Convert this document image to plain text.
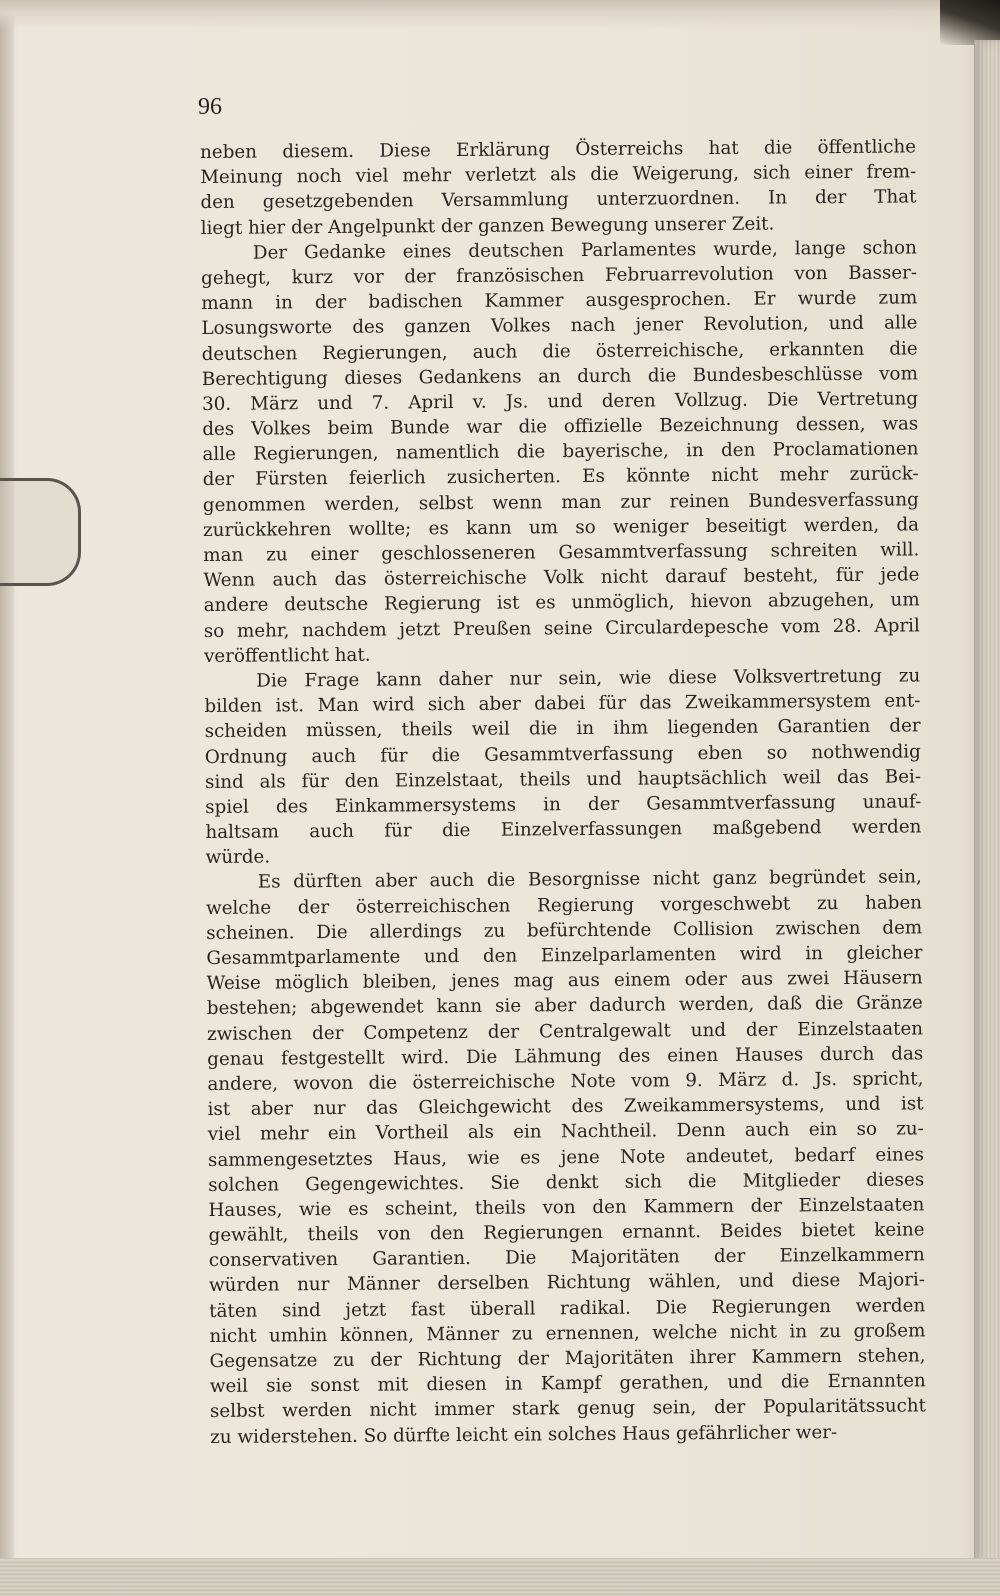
96
neben diesem. Diese Erklärung Österreichs hat die öffentliche
Meinung noch viel mehr verletzt als die Weigerung, sich einer frem-
den gesetzgebenden Versammlung unterzuordnen. In der That
liegt hier der Angelpunkt der ganzen Bewegung unserer Zeit.
Der Gedanke eines deutschen Parlamentes wurde, lange schon
gehegt, kurz vor der französischen Februarrevolution von Basser-
mann in der badischen Kammer ausgesprochen. Er wurde zum
Losungsworte des ganzen Volkes nach jener Revolution, und alle
deutschen Regierungen, auch die österreichische, erkannten die
Berechtigung dieses Gedankens an durch die Bundesbeschlüsse vom
30. März und 7. April v. Js. und deren Vollzug. Die Vertretung
des Volkes beim Bunde war die offizielle Bezeichnung dessen, was
alle Regierungen, namentlich die bayerische, in den Proclamationen
der Fürsten feierlich zusicherten. Es könnte nicht mehr zurück-
genommen werden, selbst wenn man zur reinen Bundesverfassung
zurückkehren wollte; es kann um so weniger beseitigt werden, da
man zu einer geschlosseneren Gesammtverfassung schreiten will.
Wenn auch das österreichische Volk nicht darauf besteht, für jede
andere deutsche Regierung ist es unmöglich, hievon abzugehen, um
so mehr, nachdem jetzt Preußen seine Circulardepesche vom 28. April
veröffentlicht hat.
Die Frage kann daher nur sein, wie diese Volksvertretung zu
bilden ist. Man wird sich aber dabei für das Zweikammersystem ent-
scheiden müssen, theils weil die in ihm liegenden Garantien der
Ordnung auch für die Gesammtverfassung eben so nothwendig
sind als für den Einzelstaat, theils und hauptsächlich weil das Bei-
spiel des Einkammersystems in der Gesammtverfassung unauf-
haltsam auch für die Einzelverfassungen maßgebend werden
würde.
Es dürften aber auch die Besorgnisse nicht ganz begründet sein,
welche der österreichischen Regierung vorgeschwebt zu haben
scheinen. Die allerdings zu befürchtende Collision zwischen dem
Gesammtparlamente und den Einzelparlamenten wird in gleicher
Weise möglich bleiben, jenes mag aus einem oder aus zwei Häusern
bestehen; abgewendet kann sie aber dadurch werden, daß die Gränze
zwischen der Competenz der Centralgewalt und der Einzelstaaten
genau festgestellt wird. Die Lähmung des einen Hauses durch das
andere, wovon die österreichische Note vom 9. März d. Js. spricht,
ist aber nur das Gleichgewicht des Zweikammersystems, und ist
viel mehr ein Vortheil als ein Nachtheil. Denn auch ein so zu-
sammengesetztes Haus, wie es jene Note andeutet, bedarf eines
solchen Gegengewichtes. Sie denkt sich die Mitglieder dieses
Hauses, wie es scheint, theils von den Kammern der Einzelstaaten
gewählt, theils von den Regierungen ernannt. Beides bietet keine
conservativen Garantien. Die Majoritäten der Einzelkammern
würden nur Männer derselben Richtung wählen, und diese Majori-
täten sind jetzt fast überall radikal. Die Regierungen werden
nicht umhin können, Männer zu ernennen, welche nicht in zu großem
Gegensatze zu der Richtung der Majoritäten ihrer Kammern stehen,
weil sie sonst mit diesen in Kampf gerathen, und die Ernannten
selbst werden nicht immer stark genug sein, der Popularitätssucht
zu widerstehen. So dürfte leicht ein solches Haus gefährlicher wer-
